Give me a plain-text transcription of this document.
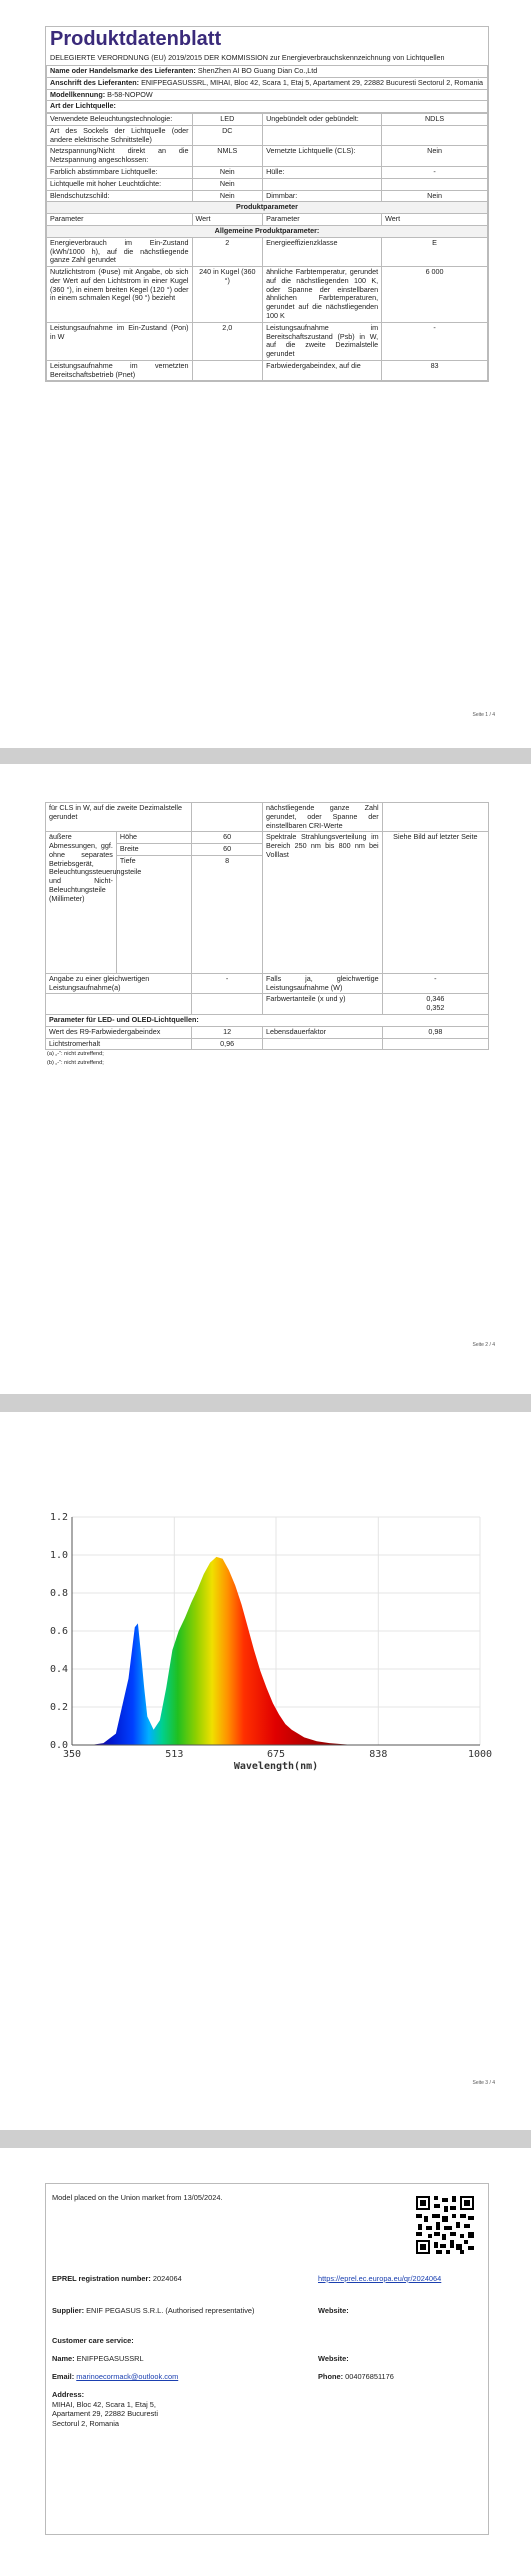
Produktdatenblatt
DELEGIERTE VERORDNUNG (EU) 2019/2015 DER KOMMISSION zur Energieverbrauchskennzeichnung von Lichtquellen
Name oder Handelsmarke des Lieferanten: ShenZhen AI BO Guang Dian Co.,Ltd
Anschrift des Lieferanten: ENIFPEGASUSSRL, MIHAI, Bloc 42, Scara 1, Etaj 5, Apartament 29, 22882 Bucuresti Sectorul 2, Romania
Modellkennung: B-58-NOPOW
Art der Lichtquelle:
Verwendete Beleuchtungstechnologie:	LED	Ungebündelt oder gebündelt:	NDLS
Art des Sockels der Lichtquelle (oder andere elektrische Schnittstelle)	DC		
Netzspannung/Nicht direkt an die Netzspannung angeschlossen:	NMLS	Vernetzte Lichtquelle (CLS):	Nein
Farblich abstimmbare Lichtquelle:	Nein	Hülle:	-
Lichtquelle mit hoher Leuchtdichte:	Nein		
Blendschutzschild:	Nein	Dimmbar:	Nein
Produktparameter			
Parameter	Wert	Parameter	Wert
Allgemeine Produktparameter:			
Energieverbrauch im Ein-Zustand (kWh/1000 h), auf die nächstliegende ganze Zahl gerundet	2	Energieeffizienzklasse	E
Nutzlichtstrom (Φuse) mit Angabe, ob sich der Wert auf den Lichtstrom in einer Kugel (360 °), in einem breiten Kegel (120 °) oder in einem schmalen Kegel (90 °) bezieht	240 in Kugel (360 °)	ähnliche Farbtemperatur, gerundet auf die nächstliegenden 100 K, oder Spanne der einstellbaren ähnlichen Farbtemperaturen, gerundet auf die nächstliegenden 100 K	6 000
Leistungsaufnahme im Ein-Zustand (Pon) in W	2,0	Leistungsaufnahme im Bereitschaftszustand (Psb) in W, auf die zweite Dezimalstelle gerundet	-
Leistungsaufnahme im vernetzten Bereitschaftsbetrieb (Pnet)		Farbwiedergabeindex, auf die	83
Seite 1 / 4
für CLS in W, auf die zweite Dezimalstelle gerundet			nächstliegende ganze Zahl gerundet, oder Spanne der einstellbaren CRI-Werte	
äußere Abmessungen, ggf. ohne separates Betriebsgerät, Beleuchtungssteuerungsteile und Nicht-Beleuchtungsteile (Millimeter)	Höhe	60	Spektrale Strahlungsverteilung im Bereich 250 nm bis 800 nm bei Volllast	Siehe Bild auf letzter Seite
	Breite	60		
	Tiefe	8		
Angabe zu einer gleichwertigen Leistungsaufnahme(a)		-	Falls ja, gleichwertige Leistungsaufnahme (W)	-
			Farbwertanteile (x und y)	0,346
0,352
Parameter für LED- und OLED-Lichtquellen:				
Wert des R9-Farbwiedergabeindex		12	Lebensdauerfaktor	0,98
Lichtstromerhalt		0,96		
(a) „-“: nicht zutreffend;
(b) „-“: nicht zutreffend;
Seite 2 / 4
0.0
0.2
0.4
0.6
0.8
1.0
1.2
350	513	675	838	1000
Wavelength(nm)
Seite 3 / 4
Model placed on the Union market from 13/05/2024.
EPREL registration number: 2024064	https://eprel.ec.europa.eu/qr/2024064
Supplier: ENIF PEGASUS S.R.L. (Authorised representative)	Website:
Customer care service:
Name: ENIFPEGASUSSRL	Website:
Email: marinoecormack@outlook.com	Phone: 004076851176
Address:
MIHAI, Bloc 42, Scara 1, Etaj 5, Apartament 29, 22882 Bucuresti Sectorul 2, Romania
